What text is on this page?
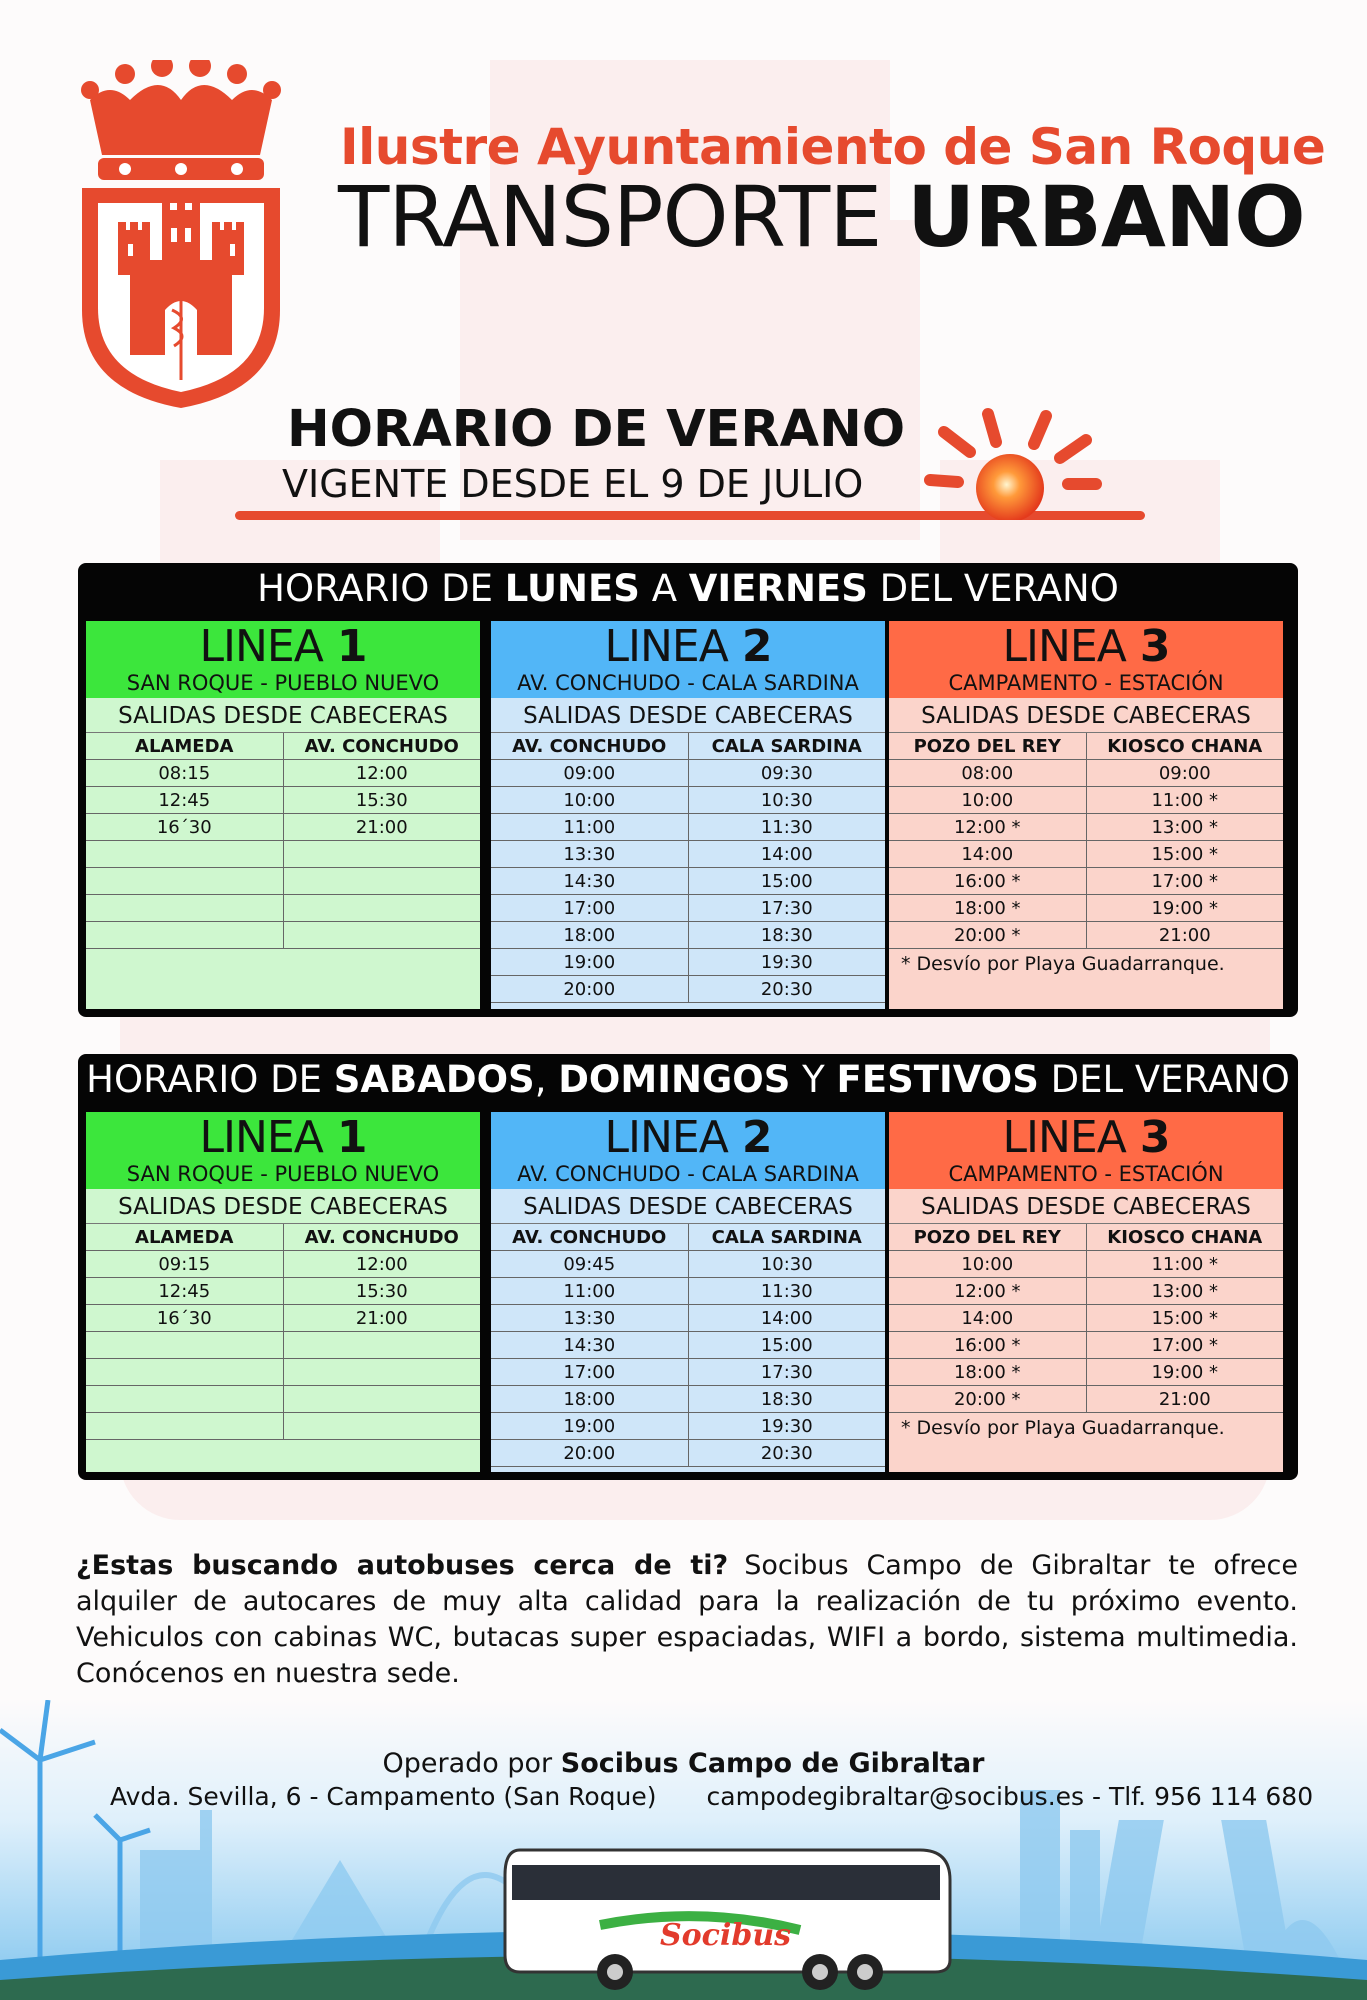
Ilustre Ayuntamiento de San Roque
TRANSPORTE URBANO
HORARIO DE VERANO
VIGENTE DESDE EL 9 DE JULIO
HORARIO DE LUNES A VIERNES DEL VERANO
LINEA 1
SAN ROQUE - PUEBLO NUEVO
SALIDAS DESDE CABECERAS
ALAMEDA	AV. CONCHUDO
08:15	12:00
12:45	15:30
16´30	21:00

LINEA 2
AV. CONCHUDO - CALA SARDINA
SALIDAS DESDE CABECERAS
AV. CONCHUDO	CALA SARDINA
09:00	09:30
10:00	10:30
11:00	11:30
13:30	14:00
14:30	15:00
17:00	17:30
18:00	18:30
19:00	19:30
20:00	20:30
LINEA 3
CAMPAMENTO - ESTACIÓN
SALIDAS DESDE CABECERAS
POZO DEL REY	KIOSCO CHANA
08:00	09:00
10:00	11:00 *
12:00 *	13:00 *
14:00	15:00 *
16:00 *	17:00 *
18:00 *	19:00 *
20:00 *	21:00
* Desvío por Playa Guadarranque.
HORARIO DE SABADOS, DOMINGOS Y FESTIVOS DEL VERANO
LINEA 1
SAN ROQUE - PUEBLO NUEVO
SALIDAS DESDE CABECERAS
ALAMEDA	AV. CONCHUDO
09:15	12:00
12:45	15:30
16´30	21:00

LINEA 2
AV. CONCHUDO - CALA SARDINA
SALIDAS DESDE CABECERAS
AV. CONCHUDO	CALA SARDINA
09:45	10:30
11:00	11:30
13:30	14:00
14:30	15:00
17:00	17:30
18:00	18:30
19:00	19:30
20:00	20:30
LINEA 3
CAMPAMENTO - ESTACIÓN
SALIDAS DESDE CABECERAS
POZO DEL REY	KIOSCO CHANA
10:00	11:00 *
12:00 *	13:00 *
14:00	15:00 *
16:00 *	17:00 *
18:00 *	19:00 *
20:00 *	21:00
* Desvío por Playa Guadarranque.
¿Estas buscando autobuses cerca de ti? Socibus Campo de Gibraltar te ofrece alquiler de autocares de muy alta calidad para la realización de tu próximo evento. Vehiculos con cabinas WC, butacas super espaciadas, WIFI a bordo, sistema multimedia. Conócenos en nuestra sede.
Socibus
Operado por Socibus Campo de Gibraltar
Avda. Sevilla, 6 - Campamento (San Roque) campodegibraltar@socibus.es - Tlf. 956 114 680
